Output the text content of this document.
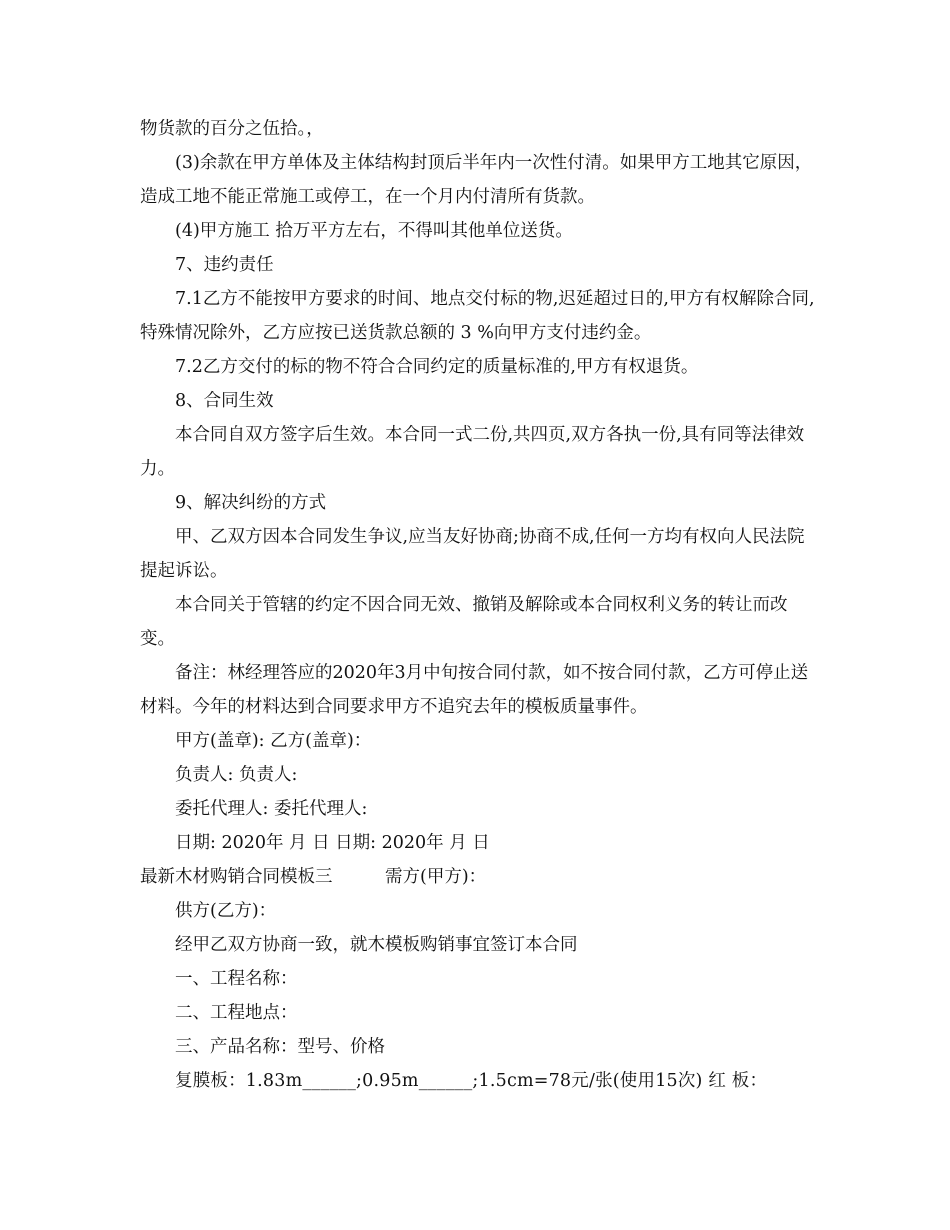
物货款的百分之伍拾。，

(3)余款在甲方单体及主体结构封顶后半年内一次性付清。如果甲方工地其它原因，造成工地不能正常施工或停工，在一个月内付清所有货款。

(4)甲方施工 拾万平方左右，不得叫其他单位送货。

7、违约责任

7.1乙方不能按甲方要求的时间、地点交付标的物,迟延超过日的,甲方有权解除合同,特殊情况除外，乙方应按已送货款总额的 3 %向甲方支付违约金。

7.2乙方交付的标的物不符合合同约定的质量标准的,甲方有权退货。

8、合同生效

本合同自双方签字后生效。本合同一式二份,共四页,双方各执一份,具有同等法律效力。

9、解决纠纷的方式

甲、乙双方因本合同发生争议,应当友好协商;协商不成,任何一方均有权向人民法院提起诉讼。

本合同关于管辖的约定不因合同无效、撤销及解除或本合同权利义务的转让而改变。

备注：林经理答应的2020年3月中旬按合同付款，如不按合同付款，乙方可停止送材料。今年的材料达到合同要求甲方不追究去年的模板质量事件。

甲方(盖章): 乙方(盖章)：

负责人: 负责人:

委托代理人: 委托代理人:

日期: 2020年 月 日 日期: 2020年 月 日

最新木材购销合同模板三　　　需方(甲方)：

供方(乙方)：

经甲乙双方协商一致，就木模板购销事宜签订本合同

一、工程名称：

二、工程地点：

三、产品名称：型号、价格

复膜板：1.83m______;0.95m______;1.5cm=78元/张(使用15次) 红 板：
